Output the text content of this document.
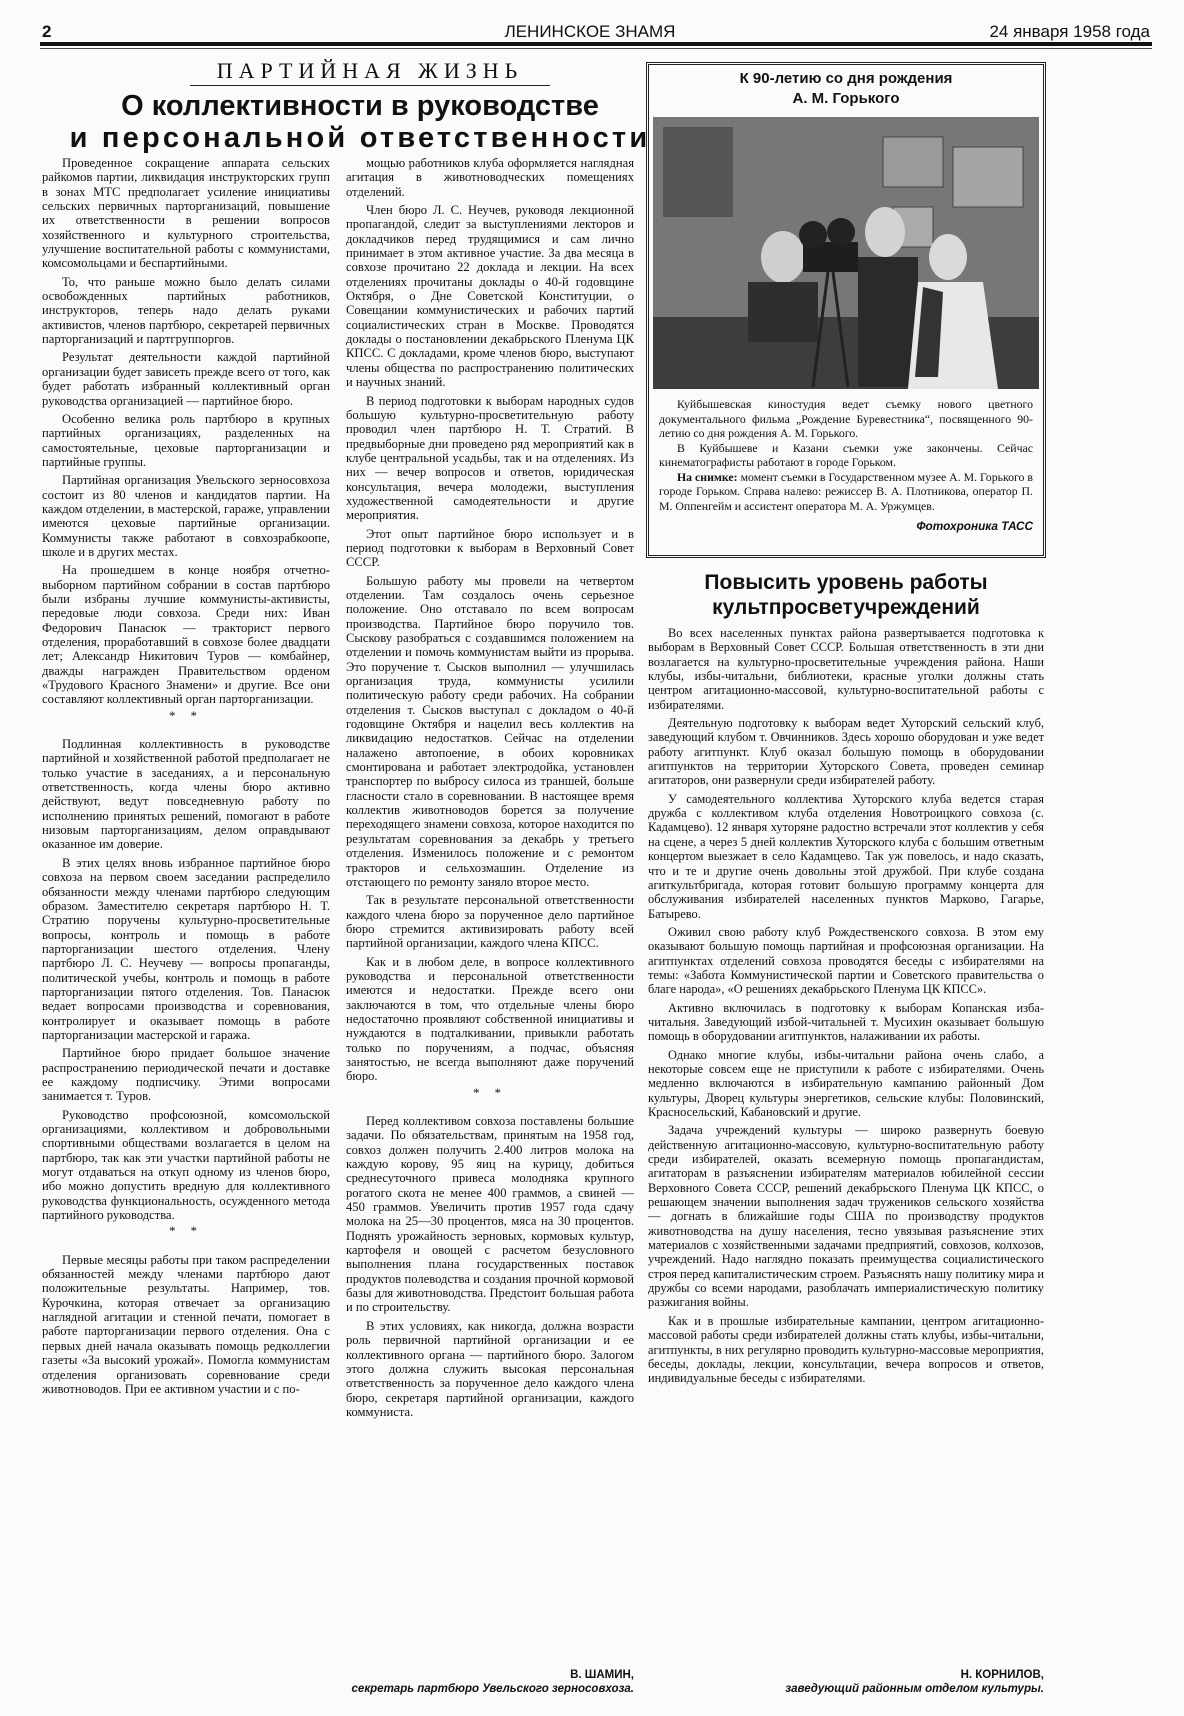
2	ЛЕНИНСКОЕ ЗНАМЯ	24 января 1958 года
ПАРТИЙНАЯ ЖИЗНЬ
О коллективности в руководстве
и персональной ответственности

Проведенное сокращение аппарата сельских райкомов партии, ликвидация инструкторских групп в зонах МТС предполагает усиление инициативы сельских первичных парторганизаций, повышение их ответственности в решении вопросов хозяйственного и культурного строительства, улучшение воспитательной работы с коммунистами, комсомольцами и беспартийными.

То, что раньше можно было делать силами освобожденных партийных работников, инструкторов, теперь надо делать руками активистов, членов партбюро, секретарей первичных парторганизаций и партгруппоргов.

Результат деятельности каждой партийной организации будет зависеть прежде всего от того, как будет работать избранный коллективный орган руководства организацией — партийное бюро.

Особенно велика роль партбюро в крупных партийных организациях, разделенных на самостоятельные, цеховые парторганизации и партийные группы.

Партийная организация Увельского зерносовхоза состоит из 80 членов и кандидатов партии. На каждом отделении, в мастерской, гараже, управлении имеются цеховые партийные организации. Коммунисты также работают в совхозрабкоопе, школе и в других местах.

На прошедшем в конце ноября отчетно-выборном партийном собрании в состав партбюро были избраны лучшие коммунисты-активисты, передовые люди совхоза. Среди них: Иван Федорович Панасюк — тракторист первого отделения, проработавший в совхозе более двадцати лет; Александр Никитович Туров — комбайнер, дважды награжден Правительством орденом «Трудового Красного Знамени» и другие. Все они составляют коллективный орган парторганизации.

* *

Подлинная коллективность в руководстве партийной и хозяйственной работой предполагает не только участие в заседаниях, а и персональную ответственность, когда члены бюро активно действуют, ведут повседневную работу по исполнению принятых решений, помогают в работе низовым парторганизациям, делом оправдывают оказанное им доверие.

В этих целях вновь избранное партийное бюро совхоза на первом своем заседании распределило обязанности между членами партбюро следующим образом. Заместителю секретаря партбюро Н. Т. Стратию поручены культурно-просветительные вопросы, контроль и помощь в работе парторганизации шестого отделения. Члену партбюро Л. С. Неучеву — вопросы пропаганды, политической учебы, контроль и помощь в работе парторганизации пятого отделения. Тов. Панасюк ведает вопросами производства и соревнования, контролирует и оказывает помощь в работе парторганизации мастерской и гаража.

Партийное бюро придает большое значение распространению периодической печати и доставке ее каждому подписчику. Этими вопросами занимается т. Туров.

Руководство профсоюзной, комсомольской организациями, коллективом и добровольными спортивными обществами возлагается в целом на партбюро, так как эти участки партийной работы не могут отдаваться на откуп одному из членов бюро, ибо можно допустить вредную для коллективного руководства функциональность, осужденного метода партийного руководства.

* *

Первые месяцы работы при таком распределении обязанностей между членами партбюро дают положительные результаты. Например, тов. Курочкина, которая отвечает за организацию наглядной агитации и стенной печати, помогает в работе парторганизации первого отделения. Она с первых дней начала оказывать помощь редколлегии газеты «За высокий урожай». Помогла коммунистам отделения организовать соревнование среди животноводов. При ее активном участии и с по-

мощью работников клуба оформляется наглядная агитация в животноводческих помещениях отделений.

Член бюро Л. С. Неучев, руководя лекционной пропагандой, следит за выступлениями лекторов и докладчиков перед трудящимися и сам лично принимает в этом активное участие. За два месяца в совхозе прочитано 22 доклада и лекции. На всех отделениях прочитаны доклады о 40-й годовщине Октября, о Дне Советской Конституции, о Совещании коммунистических и рабочих партий социалистических стран в Москве. Проводятся доклады о постановлении декабрьского Пленума ЦК КПСС. С докладами, кроме членов бюро, выступают члены общества по распространению политических и научных знаний.

В период подготовки к выборам народных судов большую культурно-просветительную работу проводил член партбюро Н. Т. Стратий. В предвыборные дни проведено ряд мероприятий как в клубе центральной усадьбы, так и на отделениях. Из них — вечер вопросов и ответов, юридическая консультация, вечера молодежи, выступления художественной самодеятельности и другие мероприятия.

Этот опыт партийное бюро использует и в период подготовки к выборам в Верховный Совет СССР.

Большую работу мы провели на четвертом отделении. Там создалось очень серьезное положение. Оно отставало по всем вопросам производства. Партийное бюро поручило тов. Сыскову разобраться с создавшимся положением на отделении и помочь коммунистам выйти из прорыва. Это поручение т. Сысков выполнил — улучшилась организация труда, коммунисты усилили политическую работу среди рабочих. На собрании отделения т. Сысков выступал с докладом о 40-й годовщине Октября и нацелил весь коллектив на ликвидацию недостатков. Сейчас на отделении налажено автопоение, в обоих коровниках смонтирована и работает электродойка, установлен транспортер по выбросу силоса из траншей, больше гласности стало в соревновании. В настоящее время коллектив животноводов борется за получение переходящего знамени совхоза, которое находится по результатам соревнования за декабрь у третьего отделения. Изменилось положение и с ремонтом тракторов и сельхозмашин. Отделение из отстающего по ремонту заняло второе место.

Так в результате персональной ответственности каждого члена бюро за порученное дело партийное бюро стремится активизировать работу всей партийной организации, каждого члена КПСС.

Как и в любом деле, в вопросе коллективного руководства и персональной ответственности имеются и недостатки. Прежде всего они заключаются в том, что отдельные члены бюро недостаточно проявляют собственной инициативы и нуждаются в подталкивании, привыкли работать только по поручениям, а подчас, объясняя занятостью, не всегда выполняют даже поручений бюро.

* *

Перед коллективом совхоза поставлены большие задачи. По обязательствам, принятым на 1958 год, совхоз должен получить 2.400 литров молока на каждую корову, 95 яиц на курицу, добиться среднесуточного привеса молодняка крупного рогатого скота не менее 400 граммов, а свиней — 450 граммов. Увеличить против 1957 года сдачу молока на 25—30 процентов, мяса на 30 процентов. Поднять урожайность зерновых, кормовых культур, картофеля и овощей с расчетом безусловного выполнения плана государственных поставок продуктов полеводства и создания прочной кормовой базы для животноводства. Предстоит большая работа и по строительству.

В этих условиях, как никогда, должна возрасти роль первичной партийной организации и ее коллективного органа — партийного бюро. Залогом этого должна служить высокая персональная ответственность за порученное дело каждого члена бюро, секретаря партийной организации, каждого коммуниста.

В. ШАМИН,
секретарь партбюро Увельского зерносовхоза.
К 90-летию со дня рождения
А. М. Горького

Куйбышевская киностудия ведет съемку нового цветного документального фильма „Рождение Буревестника“, посвященного 90-летию со дня рождения А. М. Горького.

В Куйбышеве и Казани съемки уже закончены. Сейчас кинематографисты работают в городе Горьком.

На снимке: момент съемки в Государственном музее А. М. Горького в городе Горьком. Справа налево: режиссер В. А. Плотникова, оператор П. М. Оппенгейм и ассистент оператора М. А. Уржумцев.

Фотохроника ТАСС

Повысить уровень работы
культпросветучреждений

Во всех населенных пунктах района развертывается подготовка к выборам в Верховный Совет СССР. Большая ответственность в эти дни возлагается на культурно-просветительные учреждения района. Наши клубы, избы-читальни, библиотеки, красные уголки должны стать центром агитационно-массовой, культурно-воспитательной работы с избирателями.

Деятельную подготовку к выборам ведет Хуторский сельский клуб, заведующий клубом т. Овчинников. Здесь хорошо оборудован и уже ведет работу агитпункт. Клуб оказал большую помощь в оборудовании агитпунктов на территории Хуторского Совета, проведен семинар агитаторов, они развернули среди избирателей работу.

У самодеятельного коллектива Хуторского клуба ведется старая дружба с коллективом клуба отделения Новотроицкого совхоза (с. Кадамцево). 12 января хуторяне радостно встречали этот коллектив у себя на сцене, а через 5 дней коллектив Хуторского клуба с большим ответным концертом выезжает в село Кадамцево. Так уж повелось, и надо сказать, что и те и другие очень довольны этой дружбой. При клубе создана агиткультбригада, которая готовит большую программу концерта для обслуживания избирателей населенных пунктов Марково, Гагарье, Батырево.

Оживил свою работу клуб Рождественского совхоза. В этом ему оказывают большую помощь партийная и профсоюзная организации. На агитпунктах отделений совхоза проводятся беседы с избирателями на темы: «Забота Коммунистической партии и Советского правительства о благе народа», «О решениях декабрьского Пленума ЦК КПСС».

Активно включилась в подготовку к выборам Копанская изба-читальня. Заведующий избой-читальней т. Мусихин оказывает большую помощь в оборудовании агитпунктов, налаживании их работы.

Однако многие клубы, избы-читальни района очень слабо, а некоторые совсем еще не приступили к работе с избирателями. Очень медленно включаются в избирательную кампанию районный Дом культуры, Дворец культуры энергетиков, сельские клубы: Половинский, Красносельский, Кабановский и другие.

Задача учреждений культуры — широко развернуть боевую действенную агитационно-массовую, культурно-воспитательную работу среди избирателей, оказать всемерную помощь пропагандистам, агитаторам в разъяснении избирателям материалов юбилейной сессии Верховного Совета СССР, решений декабрьского Пленума ЦК КПСС, о решающем значении выполнения задач тружеников сельского хозяйства — догнать в ближайшие годы США по производству продуктов животноводства на душу населения, тесно увязывая разъяснение этих материалов с хозяйственными задачами предприятий, совхозов, колхозов, учреждений. Надо наглядно показать преимущества социалистического строя перед капиталистическим строем. Разъяснять нашу политику мира и дружбы со всеми народами, разоблачать империалистическую политику разжигания войны.

Как и в прошлые избирательные кампании, центром агитационно-массовой работы среди избирателей должны стать клубы, избы-читальни, агитпункты, в них регулярно проводить культурно-массовые мероприятия, беседы, доклады, лекции, консультации, вечера вопросов и ответов, индивидуальные беседы с избирателями.

Н. КОРНИЛОВ,
заведующий районным отделом культуры.
